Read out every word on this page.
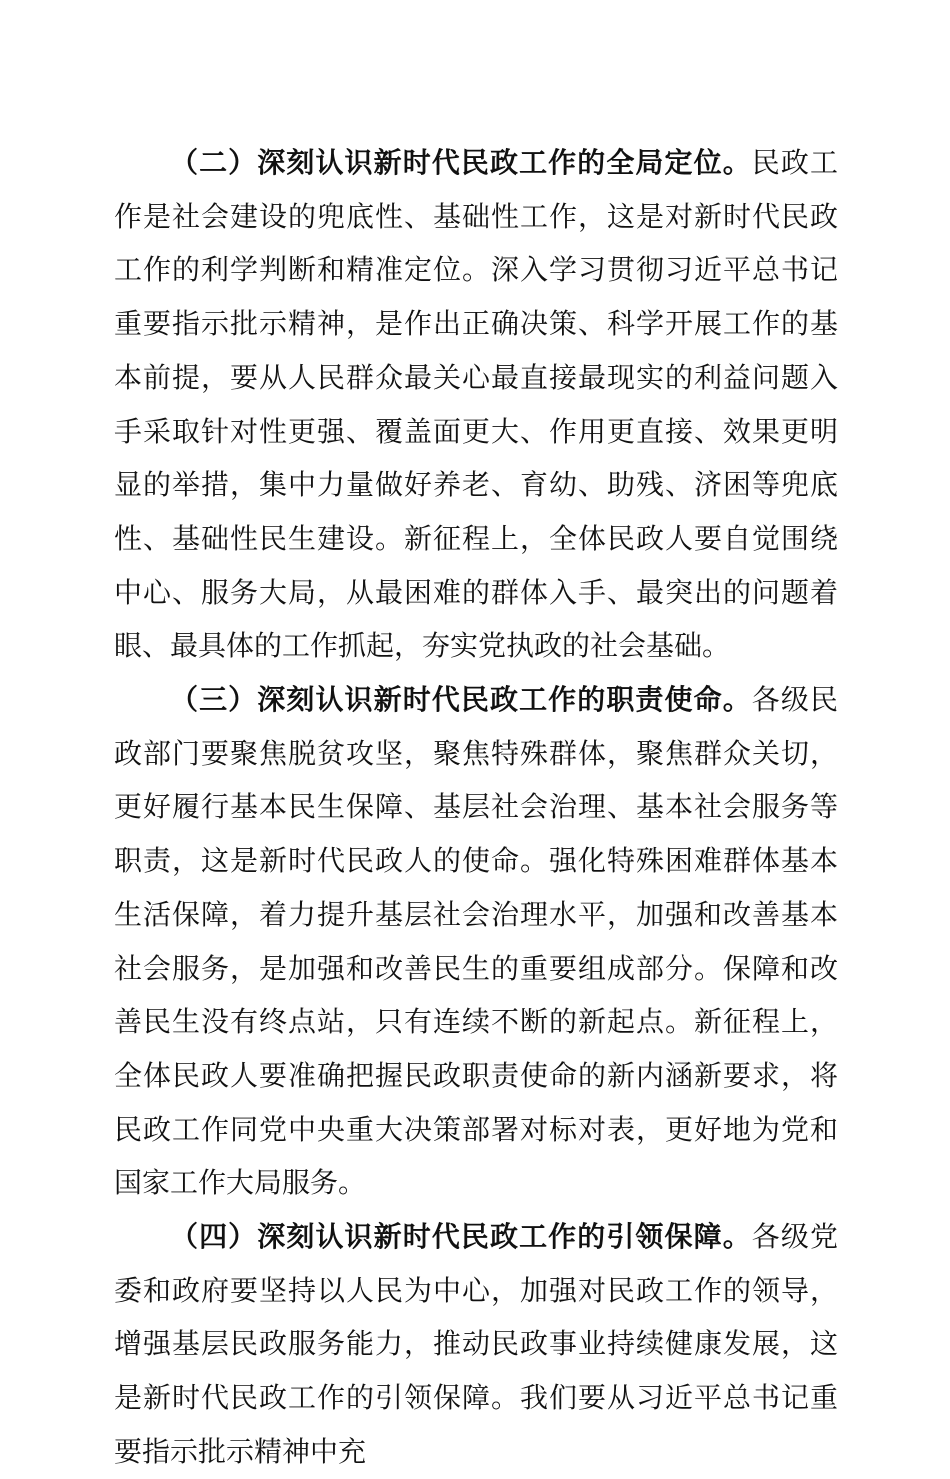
（二）深刻认识新时代民政工作的全局定位。民政工作是社会建设的兜底性、基础性工作，这是对新时代民政工作的利学判断和精准定位。深入学习贯彻习近平总书记重要指示批示精神，是作出正确决策、科学开展工作的基本前提，要从人民群众最关心最直接最现实的利益问题入手采取针对性更强、覆盖面更大、作用更直接、效果更明显的举措，集中力量做好养老、育幼、助残、济困等兜底性、基础性民生建设。新征程上，全体民政人要自觉围绕中心、服务大局，从最困难的群体入手、最突出的问题着眼、最具体的工作抓起，夯实党执政的社会基础。

（三）深刻认识新时代民政工作的职责使命。各级民政部门要聚焦脱贫攻坚，聚焦特殊群体，聚焦群众关切，更好履行基本民生保障、基层社会治理、基本社会服务等职责，这是新时代民政人的使命。强化特殊困难群体基本生活保障，着力提升基层社会治理水平，加强和改善基本社会服务，是加强和改善民生的重要组成部分。保障和改善民生没有终点站，只有连续不断的新起点。新征程上，全体民政人要准确把握民政职责使命的新内涵新要求，将民政工作同党中央重大决策部署对标对表，更好地为党和国家工作大局服务。

（四）深刻认识新时代民政工作的引领保障。各级党委和政府要坚持以人民为中心，加强对民政工作的领导，增强基层民政服务能力，推动民政事业持续健康发展，这是新时代民政工作的引领保障。我们要从习近平总书记重要指示批示精神中充
